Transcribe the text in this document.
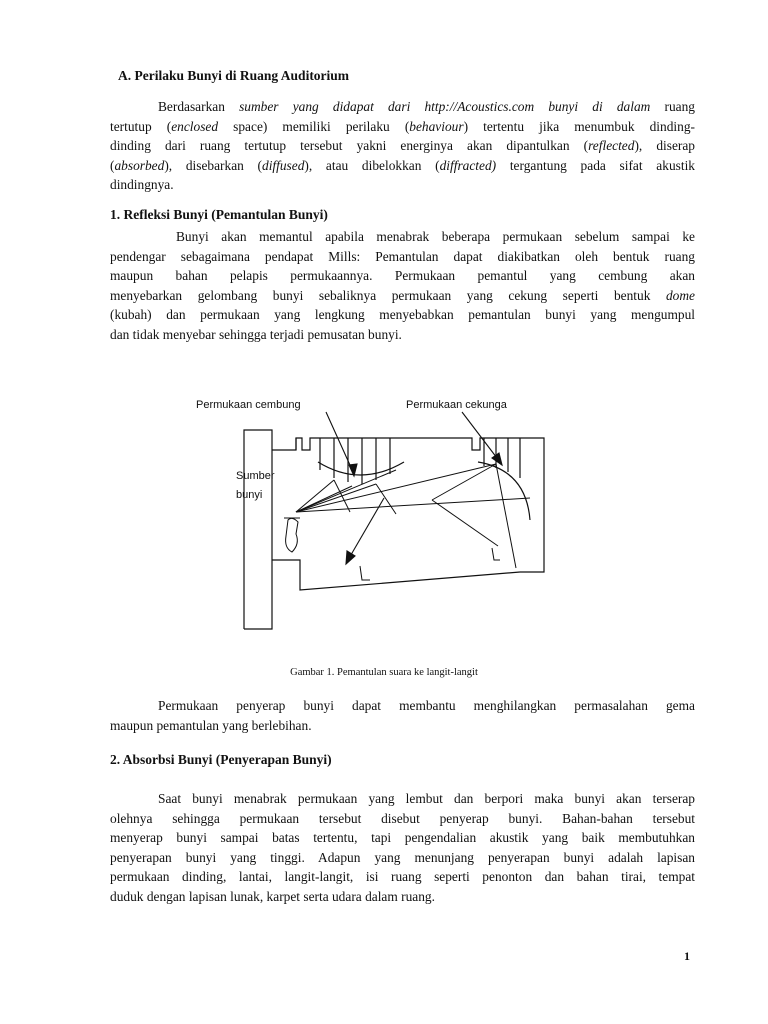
A. Perilaku Bunyi di Ruang Auditorium
Berdasarkan sumber yang didapat dari http://Acoustics.com bunyi di dalam ruang
tertutup (enclosed space) memiliki perilaku (behaviour) tertentu jika menumbuk dinding-
dinding dari ruang tertutup tersebut yakni energinya akan dipantulkan (reflected), diserap
(absorbed), disebarkan (diffused), atau dibelokkan (diffracted) tergantung pada sifat akustik
dindingnya.
1. Refleksi Bunyi (Pemantulan Bunyi)
Bunyi akan memantul apabila menabrak beberapa permukaan sebelum sampai ke
pendengar sebagaimana pendapat Mills: Pemantulan dapat diakibatkan oleh bentuk ruang
maupun bahan pelapis permukaannya. Permukaan pemantul yang cembung akan
menyebarkan gelombang bunyi sebaliknya permukaan yang cekung seperti bentuk dome
(kubah) dan permukaan yang lengkung menyebabkan pemantulan bunyi yang mengumpul
dan tidak menyebar sehingga terjadi pemusatan bunyi.
Permukaan cembung	Permukaan cekunga
Sumber
bunyi

Gambar 1. Pemantulan suara ke langit-langit

Permukaan penyerap bunyi dapat membantu menghilangkan permasalahan gema
maupun pemantulan yang berlebihan.
2. Absorbsi Bunyi (Penyerapan Bunyi)
Saat bunyi menabrak permukaan yang lembut dan berpori maka bunyi akan terserap
olehnya sehingga permukaan tersebut disebut penyerap bunyi. Bahan-bahan tersebut
menyerap bunyi sampai batas tertentu, tapi pengendalian akustik yang baik membutuhkan
penyerapan bunyi yang tinggi. Adapun yang menunjang penyerapan bunyi adalah lapisan
permukaan dinding, lantai, langit-langit, isi ruang seperti penonton dan bahan tirai, tempat
duduk dengan lapisan lunak, karpet serta udara dalam ruang.
1
